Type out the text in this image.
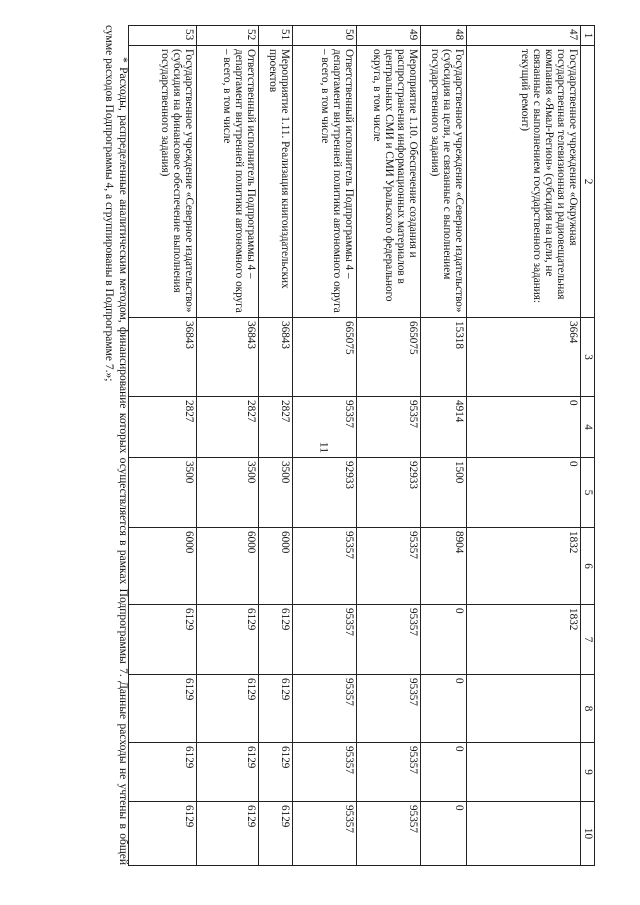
11
1	2	3	4	5	6	7	8	9	10
47	Государственное учреждение «Окружная государственная телевизионная и радиовещательная компания «Ямал-Регион» (субсидия на цели, не связанные с выполнением государственного задания: текущий ремонт)	3664	0	0	1832	1832			
48	Государственное учреждение «Северное издательство» (субсидия на цели, не связанные с выполнением государственного задания)	15318	4914	1500	8904	0	0	0	0
49	Мероприятие 1.10. Обеспечение создания и распространения информационных материалов в центральных СМИ и СМИ Уральского федерального округа, в том числе	665075	95357	92933	95357	95357	95357	95357	95357
50	Ответственный исполнитель Подпрограммы 4 – департамент внутренней политики автономного округа – всего, в том числе	665075	95357	92933	95357	95357	95357	95357	95357
51	Мероприятие 1.11. Реализация книгоиздательских проектов	36843	2827	3500	6000	6129	6129	6129	6129
52	Ответственный исполнитель Подпрограммы 4 – департамент внутренней политики автономного округа – всего, в том числе	36843	2827	3500	6000	6129	6129	6129	6129
53	Государственное учреждение «Северное издательство» (субсидия на финансовое обеспечение выполнения государственного задания)	36843	2827	3500	6000	6129	6129	6129	6129
* Расходы, распределенные аналитическим методом, финансирование которых осуществляется в рамках Подпрограммы 7. Данные расходы не учтены в общей сумме расходов Подпрограммы 4, а сгруппированы в Подпрограмме 7.»;
